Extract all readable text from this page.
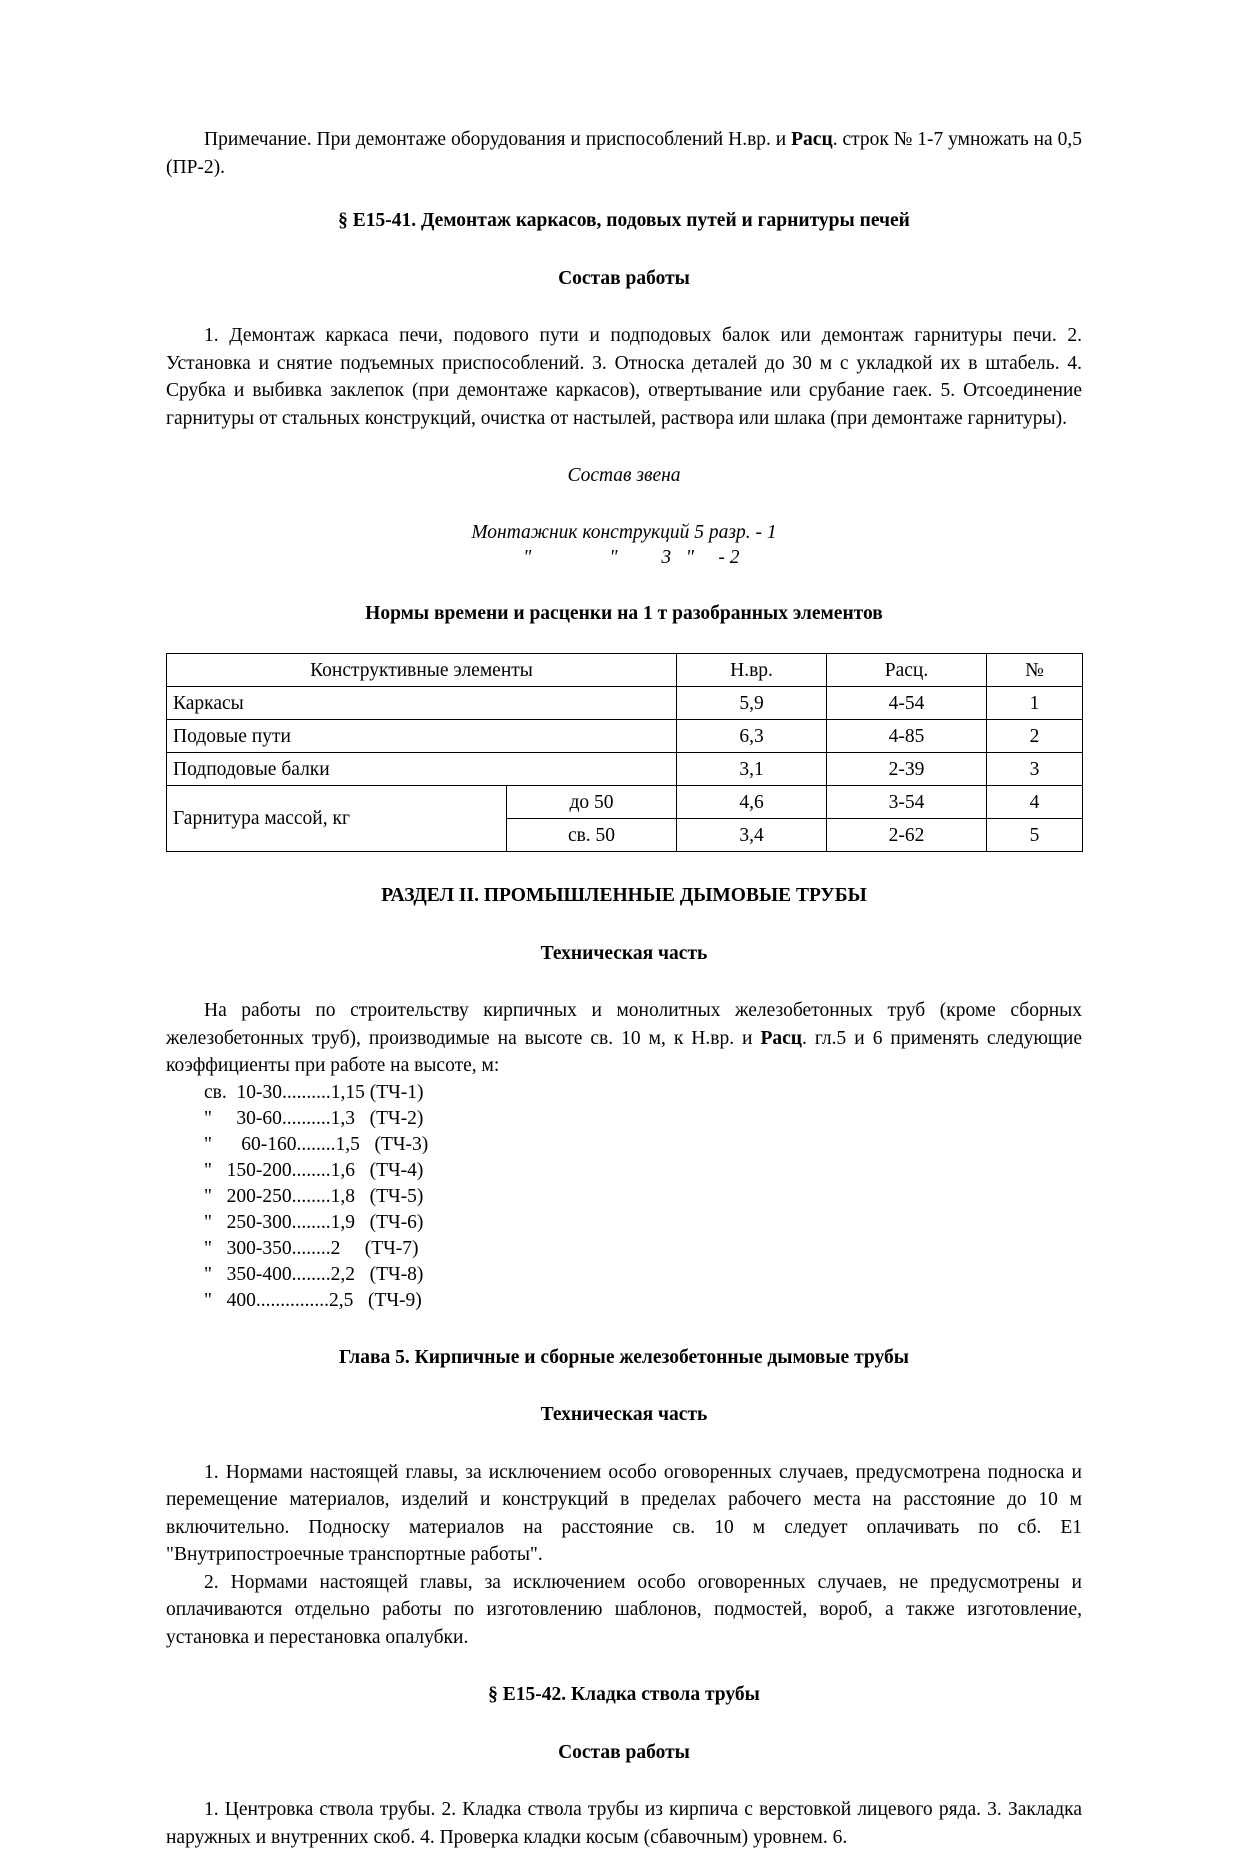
Примечание. При демонтаже оборудования и приспособлений Н.вр. и Расц. строк № 1-7 умножать на 0,5 (ПР-2).

§ Е15-41. Демонтаж каркасов, подовых путей и гарнитуры печей
Состав работы

1. Демонтаж каркаса печи, подового пути и подподовых балок или демонтаж гарнитуры печи. 2. Установка и снятие подъемных приспособлений. 3. Относка деталей до 30 м с укладкой их в штабель. 4. Срубка и выбивка заклепок (при демонтаже каркасов), отвертывание или срубание гаек. 5. Отсоединение гарнитуры от стальных конструкций, очистка от настылей, раствора или шлака (при демонтаже гарнитуры).

Состав звена

Монтажник конструкций 5 разр. - 1

"                "         3   "     - 2

Нормы времени и расценки на 1 т разобранных элементов
Конструктивные элементы		Н.вр.	Расц.	№
Каркасы		5,9	4-54	1
Подовые пути		6,3	4-85	2
Подподовые балки		3,1	2-39	3
Гарнитура массой, кг	до 50	4,6	3-54	4
	св. 50	3,4	2-62	5
РАЗДЕЛ II. ПРОМЫШЛЕННЫЕ ДЫМОВЫЕ ТРУБЫ
Техническая часть

На работы по строительству кирпичных и монолитных железобетонных труб (кроме сборных железобетонных труб), производимые на высоте св. 10 м, к Н.вр. и Расц. гл.5 и 6 применять следующие коэффициенты при работе на высоте, м:

св.  10-30..........1,15 (ТЧ-1)
"     30-60..........1,3   (ТЧ-2)
"      60-160........1,5   (ТЧ-3)
"   150-200........1,6   (ТЧ-4)
"   200-250........1,8   (ТЧ-5)
"   250-300........1,9   (ТЧ-6)
"   300-350........2     (ТЧ-7)
"   350-400........2,2   (ТЧ-8)
"   400...............2,5   (ТЧ-9)
Глава 5. Кирпичные и сборные железобетонные дымовые трубы
Техническая часть

1. Нормами настоящей главы, за исключением особо оговоренных случаев, предусмотрена подноска и перемещение материалов, изделий и конструкций в пределах рабочего места на расстояние до 10 м включительно. Подноску материалов на расстояние св. 10 м следует оплачивать по сб. Е1 "Внутрипостроечные транспортные работы".

2. Нормами настоящей главы, за исключением особо оговоренных случаев, не предусмотрены и оплачиваются отдельно работы по изготовлению шаблонов, подмостей, вороб, а также изготовление, установка и перестановка опалубки.

§ Е15-42. Кладка ствола трубы
Состав работы

1. Центровка ствола трубы. 2. Кладка ствола трубы из кирпича с верстовкой лицевого ряда. 3. Закладка наружных и внутренних скоб. 4. Проверка кладки косым (сбавочным) уровнем. 6.
